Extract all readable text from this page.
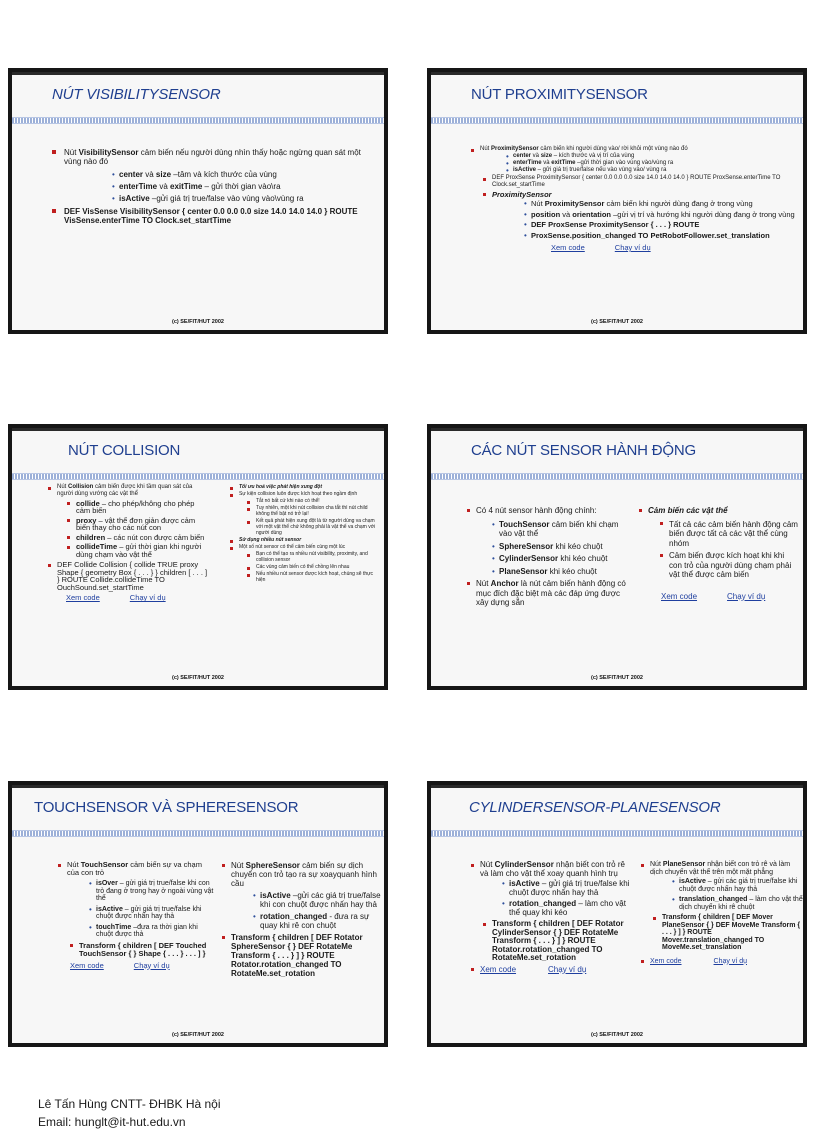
NÚT VISIBILITYSENSOR
Nút VisibilitySensor cảm biến nếu người dùng nhìn thấy hoặc ngừng quan sát một vùng nào đó
• center và size –tâm và kích thước của vùng
• enterTime và exitTime – gửi thời gian vào\ra
• isActive –gửi giá trị true/false vào vùng vào\vùng ra
DEF VisSense VisibilitySensor { center 0.0 0.0 0.0 size 14.0 14.0 14.0 } ROUTE VisSense.enterTime TO Clock.set_startTime
(c) SE/FIT/HUT 2002
NÚT PROXIMITYSENSOR
Nút ProximitySensor cảm biến khi người dùng vào/ rời khỏi một vùng nào đó
• center và size – kích thước và vị trí của vùng
• enterTime và exitTime –gửi thời gian vào vùng vào/vùng ra
• isActive – gửi giá trị true/false nếu vào vùng vào/ vùng ra
DEF ProxSense ProximitySensor { center 0.0 0.0 0.0 size 14.0 14.0 14.0 } ROUTE ProxSense.enterTime TO Clock.set_startTime
ProximitySensor
• Nút ProximitySensor cảm biến khi người dùng đang ở trong vùng
• position và orientation –gửi vị trí và hướng khi người dùng đang ở trong vùng
• DEF ProxSense ProximitySensor { . . . } ROUTE
• ProxSense.position_changed TO PetRobotFollower.set_translation
Xem code	Chạy ví dụ
(c) SE/FIT/HUT 2002
NÚT COLLISION
Nút Collision cảm biến được khi tầm quan sát của người dùng vướng các vật thể
collide – cho phép/không cho phép cảm biến
proxy – vật thể đơn giản được cảm biến thay cho các nút con
children – các nút con được cảm biến
collideTime – gửi thời gian khi người dùng chạm vào vật thể
DEF Collide Collision { collide TRUE proxy Shape { geometry Box { . . . } } children [ . . . ] } ROUTE Collide.collideTime TO OuchSound.set_startTime
Xem code	Chạy ví dụ
Tối ưu hoá việc phát hiện xung đột
Sự kiện collision luôn được kích hoạt theo ngầm định
Tắt nó bất cứ khi nào có thể!
Tuy nhiên, một khi nút collision cha tắt thì nút child không thể bật nó trở lại!
Kết quả phát hiện xung đột là từ người dùng va chạm với một vật thể chứ không phải là vật thể va chạm với người dùng
Sử dụng nhiều nút sensor
Một số nút sensor có thể cảm biến cùng một lúc
Bạn có thể tạo ra nhiều nút visibility, proximity, and collision sensor
Các vùng cảm biến có thể chồng lên nhau
Nếu nhiều nút sensor được kích hoạt, chúng sẽ thực hiện
(c) SE/FIT/HUT 2002
CÁC NÚT SENSOR HÀNH ĐỘNG
Có 4 nút sensor hành động chính:
• TouchSensor cảm biến khi chạm vào vật thể
• SphereSensor khi kéo chuột
• CylinderSensor khi kéo chuột
• PlaneSensor khi kéo chuột
Nút Anchor là nút cảm biến hành động có mục đích đặc biệt mà các đáp ứng được xây dựng sẵn
Cảm biến các vật thể
Tất cả các cảm biến hành động cảm biến được tất cả các vật thể cùng nhóm
Cảm biến được kích hoạt khi khi con trỏ của người dùng chạm phải vật thể được cảm biến
Xem code	Chạy ví dụ
(c) SE/FIT/HUT 2002
TOUCHSENSOR VÀ SPHERESENSOR
Nút TouchSensor cảm biến sự va chạm của con trỏ
• isOver – gửi giá trị true/false khi con trỏ đang ở trong hay ở ngoài vùng vật thể
• isActive – gửi giá trị true/false khi chuột được nhấn hay thả
• touchTime –đưa ra thời gian khi chuột được thả
Transform { children [ DEF Touched TouchSensor { } Shape { . . . } . . . ] }
Xem code	Chạy ví dụ
Nút SphereSensor cảm biến sự dịch chuyển con trỏ tạo ra sự xoayquanh hình cầu
• isActive –gửi các giá trị true/false khi con chuột được nhấn hay thả
• rotation_changed - đưa ra sự quay khi rê con chuột
Transform { children [ DEF Rotator SphereSensor { } DEF RotateMe Transform { . . . } ] } ROUTE Rotator.rotation_changed TO RotateMe.set_rotation
(c) SE/FIT/HUT 2002
CYLINDERSENSOR-PLANESENSOR
Nút CylinderSensor nhận biết con trỏ rê và làm cho vật thể xoay quanh hình trụ
• isActive – gửi giá trị true/false khi chuột được nhấn hay thả
• rotation_changed – làm cho vật thể quay khi kéo
Transform { children [ DEF Rotator CylinderSensor { } DEF RotateMe Transform { . . . } ] } ROUTE Rotator.rotation_changed TO RotateMe.set_rotation
Xem code	Chạy ví dụ
Nút PlaneSensor nhận biết con trỏ rê và làm dịch chuyển vật thể trên một mặt phẳng
• isActive – gửi các giá trị true/false khi chuột được nhấn hay thả
• translation_changed – làm cho vật thể dịch chuyển khi rê chuột
Transform { children [ DEF Mover PlaneSensor { } DEF MoveMe Transform { . . . } ] } ROUTE Mover.translation_changed TO MoveMe.set_translation
Xem code	Chạy ví dụ
(c) SE/FIT/HUT 2002
Lê Tấn Hùng CNTT- ĐHBK Hà nội
Email: hunglt@it-hut.edu.vn
